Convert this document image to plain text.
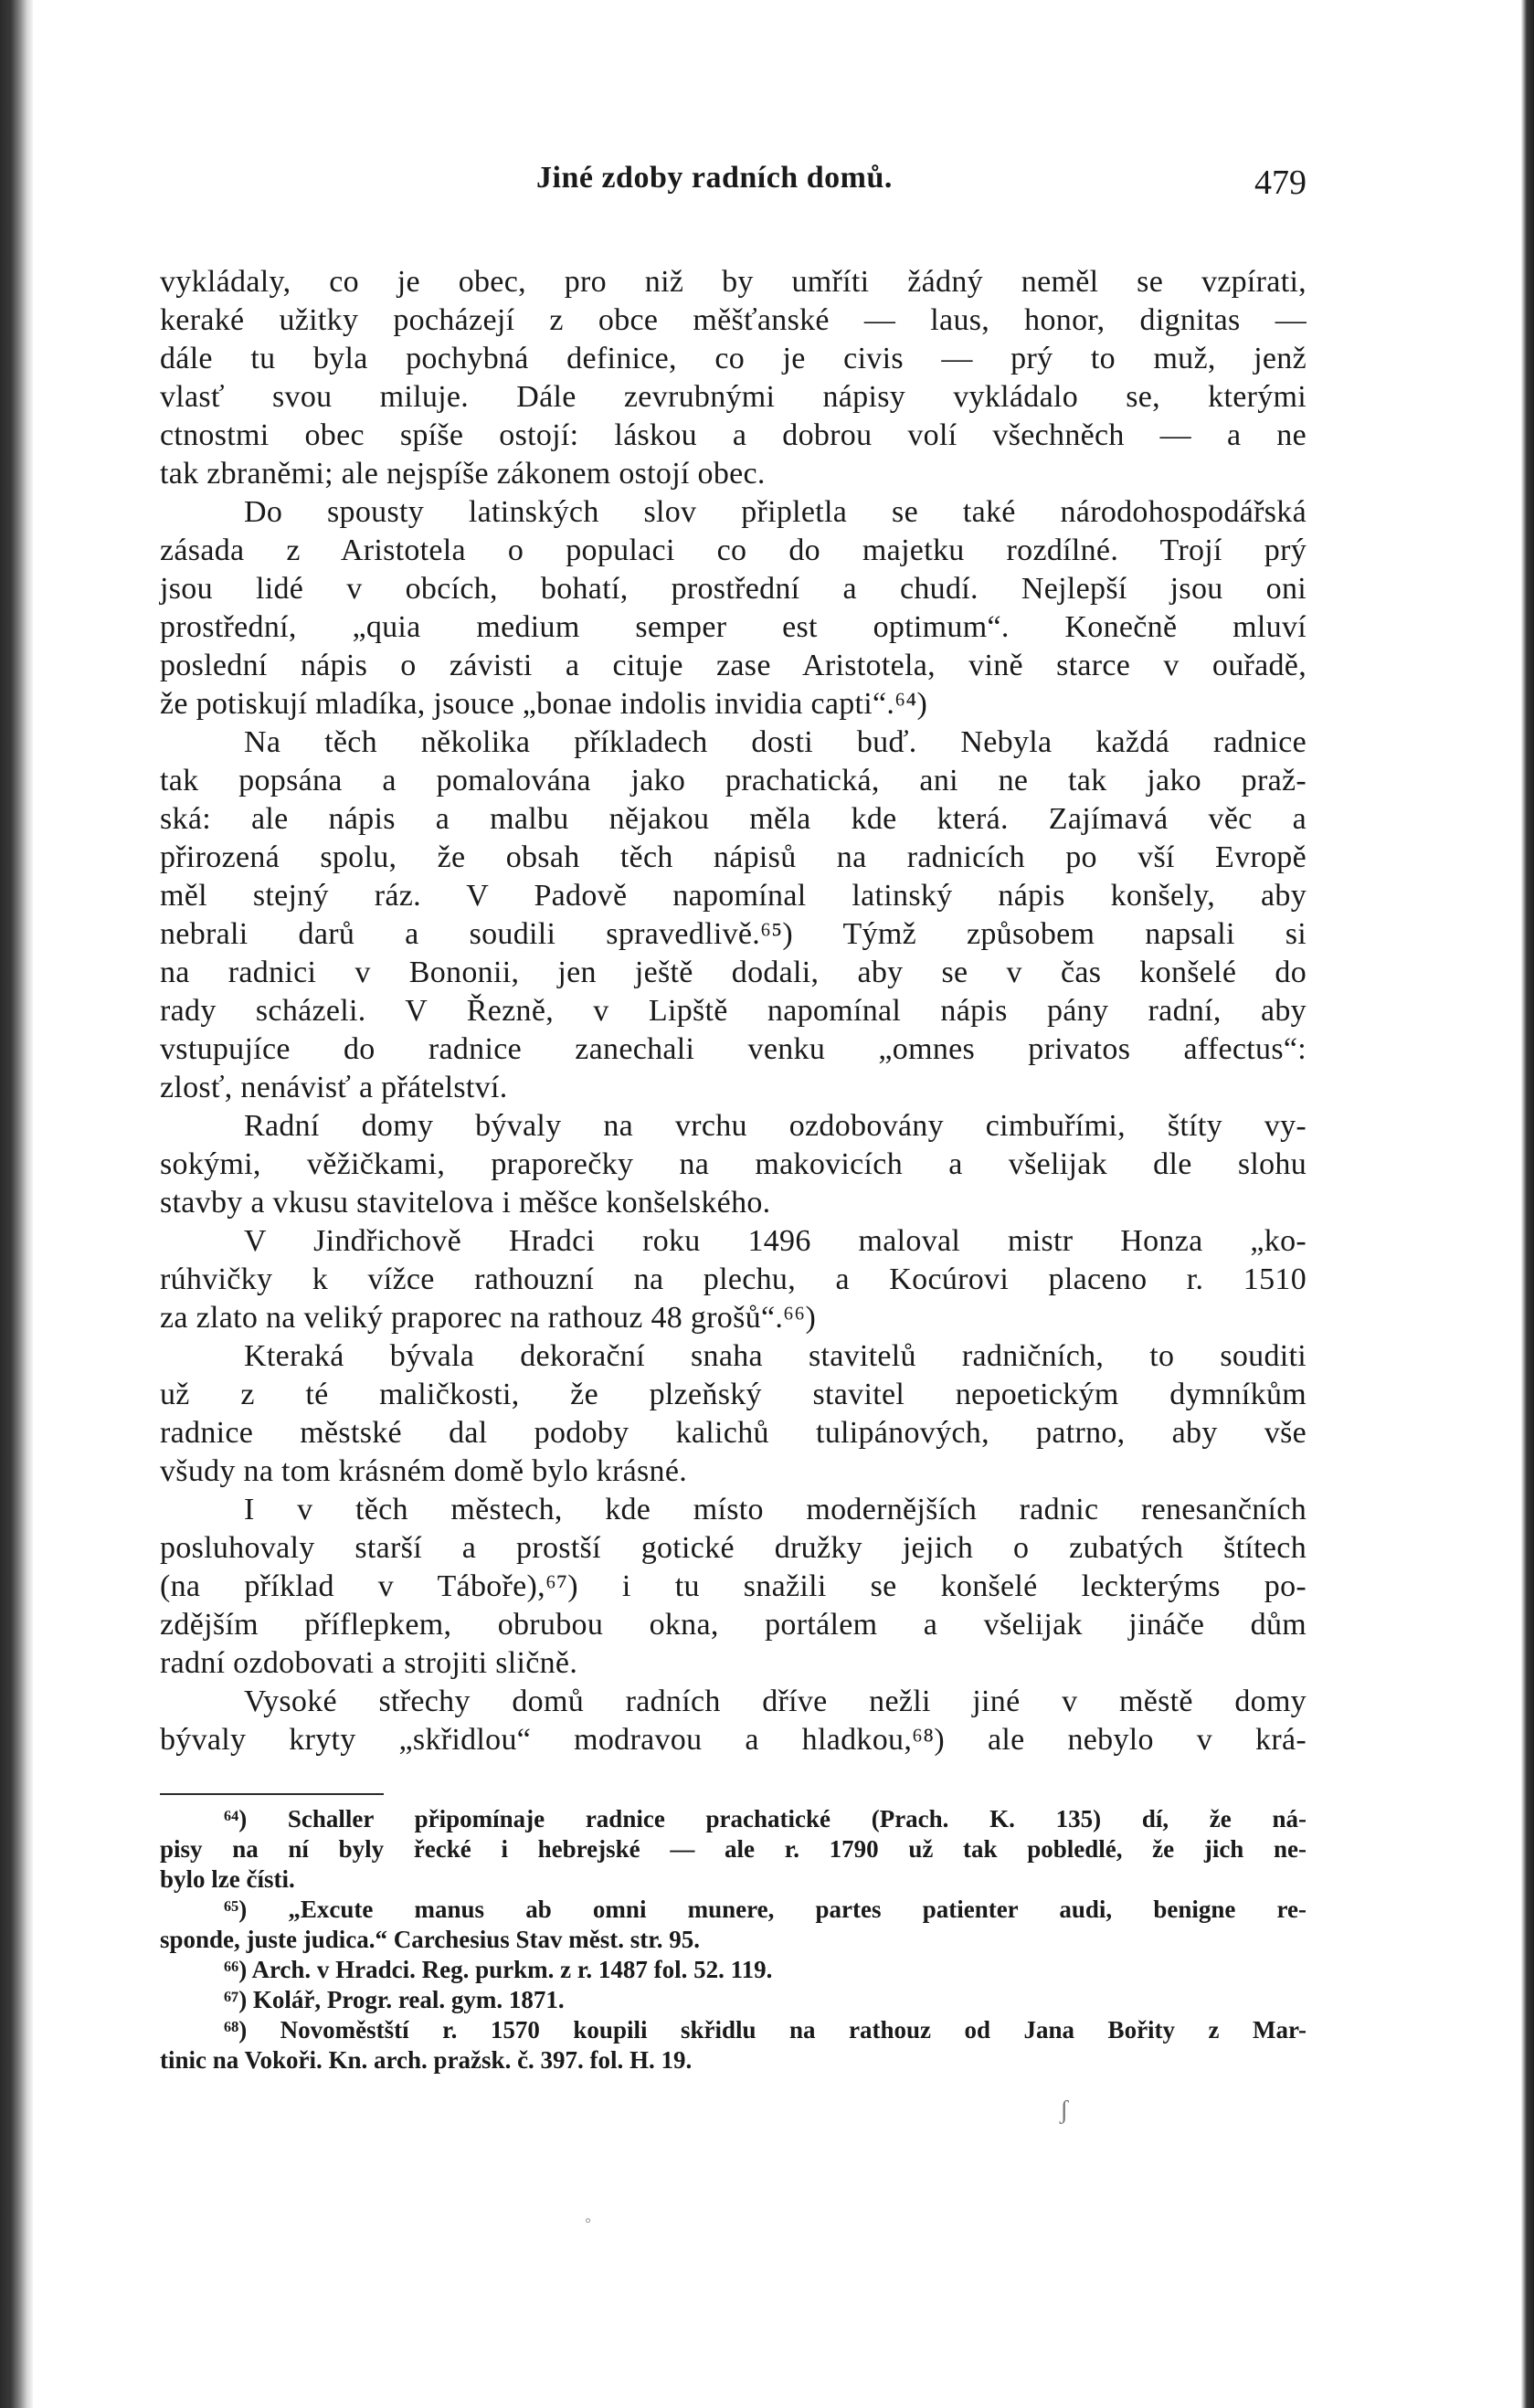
Jiné zdoby radních domů.	479
vykládaly, co je obec, pro niž by umříti žádný neměl se vzpírati,
keraké užitky pocházejí z obce měšťanské — laus, honor, dignitas —
dále tu byla pochybná definice, co je civis — prý to muž, jenž
vlasť svou miluje. Dále zevrubnými nápisy vykládalo se, kterými
ctnostmi obec spíše ostojí: láskou a dobrou volí všechněch — a ne
tak zbraněmi; ale nejspíše zákonem ostojí obec.
Do spousty latinských slov připletla se také národohospodářská
zásada z Aristotela o populaci co do majetku rozdílné. Trojí prý
jsou lidé v obcích, bohatí, prostřední a chudí. Nejlepší jsou oni
prostřední, „quia medium semper est optimum“. Konečně mluví
poslední nápis o závisti a cituje zase Aristotela, vině starce v ouřadě,
že potiskují mladíka, jsouce „bonae indolis invidia capti“.⁶⁴)
Na těch několika příkladech dosti buď. Nebyla každá radnice
tak popsána a pomalována jako prachatická, ani ne tak jako praž-
ská: ale nápis a malbu nějakou měla kde která. Zajímavá věc a
přirozená spolu, že obsah těch nápisů na radnicích po vší Evropě
měl stejný ráz. V Padově napomínal latinský nápis konšely, aby
nebrali darů a soudili spravedlivě.⁶⁵) Týmž způsobem napsali si
na radnici v Bononii, jen ještě dodali, aby se v čas konšelé do
rady scházeli. V Řezně, v Lipště napomínal nápis pány radní, aby
vstupujíce do radnice zanechali venku „omnes privatos affectus“:
zlosť, nenávisť a přátelství.
Radní domy bývaly na vrchu ozdobovány cimbuřími, štíty vy-
sokými, věžičkami, praporečky na makovicích a všelijak dle slohu
stavby a vkusu stavitelova i měšce konšelského.
V Jindřichově Hradci roku 1496 maloval mistr Honza „ko-
rúhvičky k vížce rathouzní na plechu, a Kocúrovi placeno r. 1510
za zlato na veliký praporec na rathouz 48 grošů“.⁶⁶)
Kteraká bývala dekorační snaha stavitelů radničních, to souditi
už z té maličkosti, že plzeňský stavitel nepoetickým dymníkům
radnice městské dal podoby kalichů tulipánových, patrno, aby vše
všudy na tom krásném domě bylo krásné.
I v těch městech, kde místo modernějších radnic renesančních
posluhovaly starší a prostší gotické družky jejich o zubatých štítech
(na příklad v Táboře),⁶⁷) i tu snažili se konšelé leckterýms po-
zdějším příflepkem, obrubou okna, portálem a všelijak jináče dům
radní ozdobovati a strojiti sličně.
Vysoké střechy domů radních dříve nežli jiné v městě domy
bývaly kryty „skřidlou“ modravou a hladkou,⁶⁸) ale nebylo v krá-
⁶⁴) Schaller připomínaje radnice prachatické (Prach. K. 135) dí, že ná-
pisy na ní byly řecké i hebrejské — ale r. 1790 už tak pobledlé, že jich ne-
bylo lze čísti.
⁶⁵) „Excute manus ab omni munere, partes patienter audi, benigne re-
sponde, juste judica.“ Carchesius Stav měst. str. 95.
⁶⁶) Arch. v Hradci. Reg. purkm. z r. 1487 fol. 52. 119.
⁶⁷) Kolář, Progr. real. gym. 1871.
⁶⁸) Novoměstští r. 1570 koupili skřidlu na rathouz od Jana Bořity z Mar-
tinic na Vokoři. Kn. arch. pražsk. č. 397. fol. H. 19.
ʃ
◦
